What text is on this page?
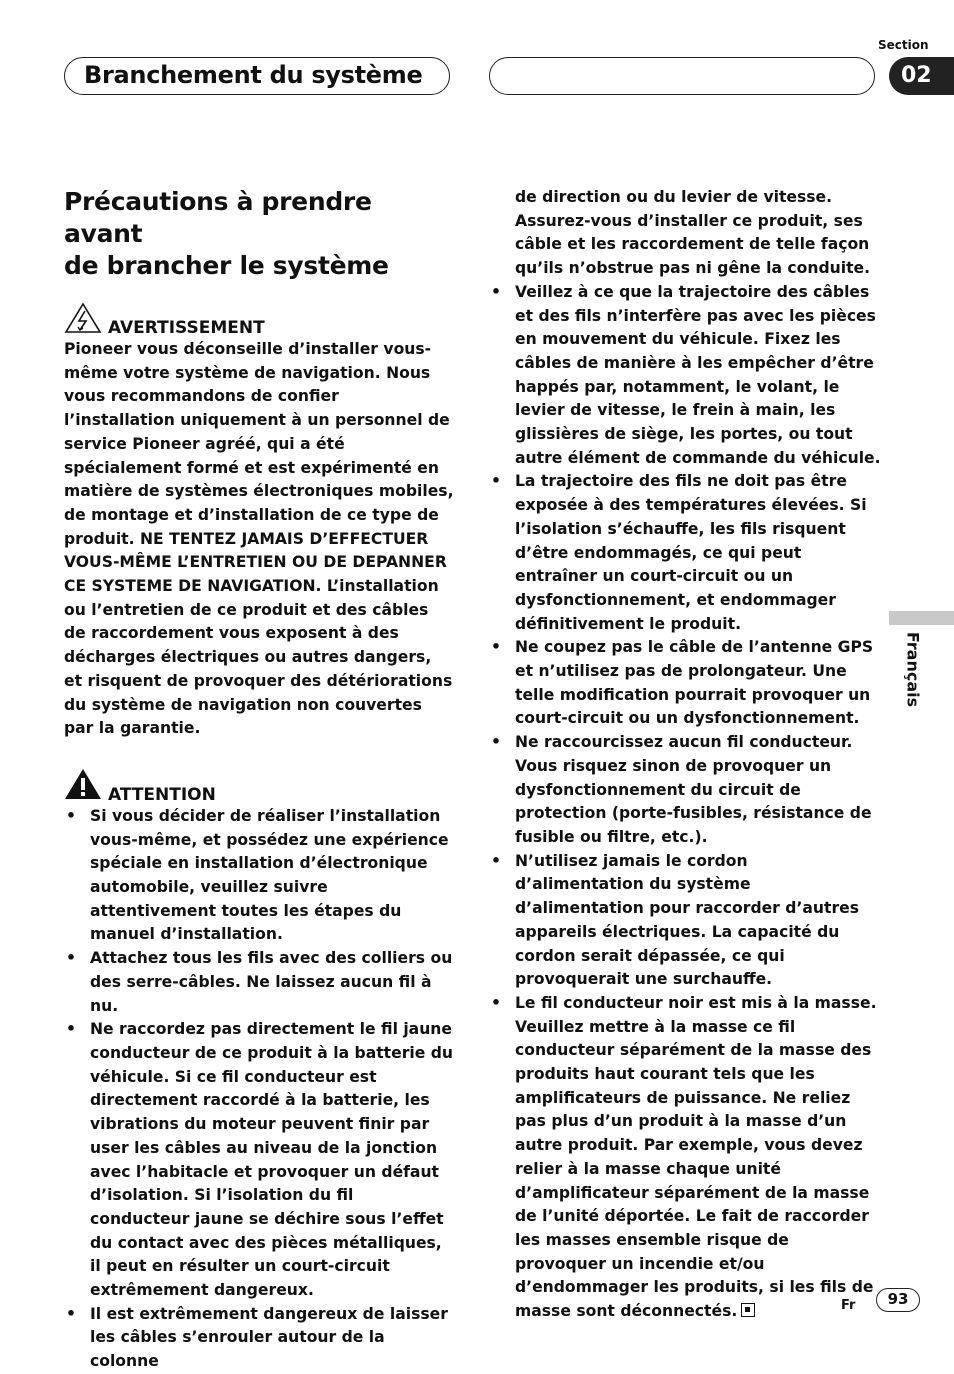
Section
Branchement du système	02
Français
Précautions à prendre avant
de brancher le système
AVERTISSEMENT

Pioneer vous déconseille d’installer vous-même votre système de navigation. Nous vous recommandons de confier l’installation uniquement à un personnel de service Pioneer agréé, qui a été spécialement formé et est expérimenté en matière de systèmes électroniques mobiles, de montage et d’installation de ce type de produit. NE TENTEZ JAMAIS D’EFFECTUER VOUS-MÊME L’ENTRETIEN OU DE DEPANNER CE SYSTEME DE NAVIGATION. L’installation ou l’entretien de ce produit et des câbles de raccordement vous exposent à des décharges électriques ou autres dangers, et risquent de provoquer des détériorations du système de navigation non couvertes par la garantie.

ATTENTION
• Si vous décider de réaliser l’installation vous-même, et possédez une expérience spéciale en installation d’électronique automobile, veuillez suivre attentivement toutes les étapes du manuel d’installation.
• Attachez tous les fils avec des colliers ou des serre-câbles. Ne laissez aucun fil à nu.
• Ne raccordez pas directement le fil jaune conducteur de ce produit à la batterie du véhicule. Si ce fil conducteur est directement raccordé à la batterie, les vibrations du moteur peuvent finir par user les câbles au niveau de la jonction avec l’habitacle et provoquer un défaut d’isolation. Si l’isolation du fil conducteur jaune se déchire sous l’effet du contact avec des pièces métalliques, il peut en résulter un court-circuit extrêmement dangereux.
• Il est extrêmement dangereux de laisser les câbles s’enrouler autour de la colonne
de direction ou du levier de vitesse. Assurez-vous d’installer ce produit, ses câble et les raccordement de telle façon qu’ils n’obstrue pas ni gêne la conduite.
• Veillez à ce que la trajectoire des câbles et des fils n’interfère pas avec les pièces en mouvement du véhicule. Fixez les câbles de manière à les empêcher d’être happés par, notamment, le volant, le levier de vitesse, le frein à main, les glissières de siège, les portes, ou tout autre élément de commande du véhicule.
• La trajectoire des fils ne doit pas être exposée à des températures élevées. Si l’isolation s’échauffe, les fils risquent d’être endommagés, ce qui peut entraîner un court-circuit ou un dysfonctionnement, et endommager définitivement le produit.
• Ne coupez pas le câble de l’antenne GPS et n’utilisez pas de prolongateur. Une telle modification pourrait provoquer un court-circuit ou un dysfonctionnement.
• Ne raccourcissez aucun fil conducteur. Vous risquez sinon de provoquer un dysfonctionnement du circuit de protection (porte-fusibles, résistance de fusible ou filtre, etc.).
• N’utilisez jamais le cordon d’alimentation du système d’alimentation pour raccorder d’autres appareils électriques. La capacité du cordon serait dépassée, ce qui provoquerait une surchauffe.
• Le fil conducteur noir est mis à la masse. Veuillez mettre à la masse ce fil conducteur séparément de la masse des produits haut courant tels que les amplificateurs de puissance. Ne reliez pas plus d’un produit à la masse d’un autre produit. Par exemple, vous devez relier à la masse chaque unité d’amplificateur séparément de la masse de l’unité déportée. Le fait de raccorder les masses ensemble risque de provoquer un incendie et/ou d’endommager les produits, si les fils de masse sont déconnectés.	Fr	93
